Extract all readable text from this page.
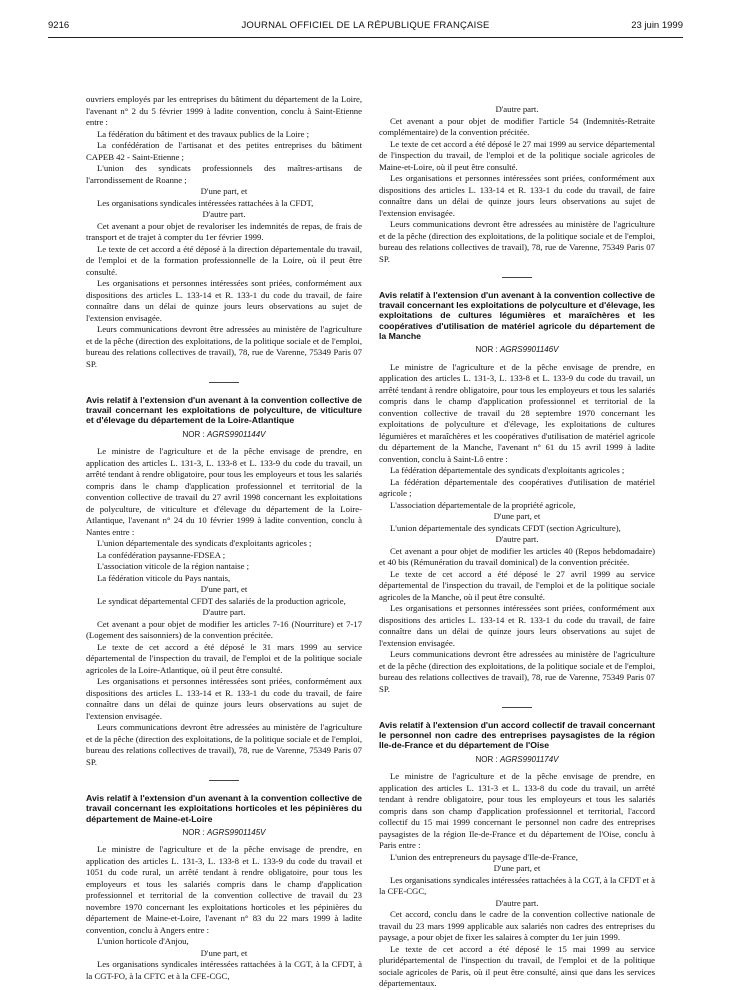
9216	JOURNAL OFFICIEL DE LA RÉPUBLIQUE FRANÇAISE	23 juin 1999

ouvriers employés par les entreprises du bâtiment du département de la Loire, l'avenant n° 2 du 5 février 1999 à ladite convention, conclu à Saint-Etienne entre :

La fédération du bâtiment et des travaux publics de la Loire ;

La confédération de l'artisanat et des petites entreprises du bâtiment CAPEB 42 - Saint-Etienne ;

L'union des syndicats professionnels des maîtres-artisans de l'arrondissement de Roanne ;

D'une part, et

Les organisations syndicales intéressées rattachées à la CFDT,

D'autre part.

Cet avenant a pour objet de revaloriser les indemnités de repas, de frais de transport et de trajet à compter du 1er février 1999.

Le texte de cet accord a été déposé à la direction départementale du travail, de l'emploi et de la formation professionnelle de la Loire, où il peut être consulté.

Les organisations et personnes intéressées sont priées, conformément aux dispositions des articles L. 133-14 et R. 133-1 du code du travail, de faire connaître dans un délai de quinze jours leurs observations au sujet de l'extension envisagée.

Leurs communications devront être adressées au ministère de l'agriculture et de la pêche (direction des exploitations, de la politique sociale et de l'emploi, bureau des relations collectives de travail), 78, rue de Varenne, 75349 Paris 07 SP.

Avis relatif à l'extension d'un avenant à la convention collective de travail concernant les exploitations de polyculture, de viticulture et d'élevage du département de la Loire-Atlantique
NOR : AGRS9901144V

Le ministre de l'agriculture et de la pêche envisage de prendre, en application des articles L. 131-3, L. 133-8 et L. 133-9 du code du travail, un arrêté tendant à rendre obligatoire, pour tous les employeurs et tous les salariés compris dans le champ d'application professionnel et territorial de la convention collective de travail du 27 avril 1998 concernant les exploitations de polyculture, de viticulture et d'élevage du département de la Loire-Atlantique, l'avenant n° 24 du 10 février 1999 à ladite convention, conclu à Nantes entre :

L'union départementale des syndicats d'exploitants agricoles ;

La confédération paysanne-FDSEA ;

L'association viticole de la région nantaise ;

La fédération viticole du Pays nantais,

D'une part, et

Le syndicat départemental CFDT des salariés de la production agricole,

D'autre part.

Cet avenant a pour objet de modifier les articles 7-16 (Nourriture) et 7-17 (Logement des saisonniers) de la convention précitée.

Le texte de cet accord a été déposé le 31 mars 1999 au service départemental de l'inspection du travail, de l'emploi et de la politique sociale agricoles de la Loire-Atlantique, où il peut être consulté.

Les organisations et personnes intéressées sont priées, conformément aux dispositions des articles L. 133-14 et R. 133-1 du code du travail, de faire connaître dans un délai de quinze jours leurs observations au sujet de l'extension envisagée.

Leurs communications devront être adressées au ministère de l'agriculture et de la pêche (direction des exploitations, de la politique sociale et de l'emploi, bureau des relations collectives de travail), 78, rue de Varenne, 75349 Paris 07 SP.

Avis relatif à l'extension d'un avenant à la convention collective de travail concernant les exploitations horticoles et les pépinières du département de Maine-et-Loire
NOR : AGRS9901145V

Le ministre de l'agriculture et de la pêche envisage de prendre, en application des articles L. 131-3, L. 133-8 et L. 133-9 du code du travail et 1051 du code rural, un arrêté tendant à rendre obligatoire, pour tous les employeurs et tous les salariés compris dans le champ d'application professionnel et territorial de la convention collective de travail du 23 novembre 1970 concernant les exploitations horticoles et les pépinières du département de Maine-et-Loire, l'avenant n° 83 du 22 mars 1999 à ladite convention, conclu à Angers entre :

L'union horticole d'Anjou,

D'une part, et

Les organisations syndicales intéressées rattachées à la CGT, à la CFDT, à la CGT-FO, à la CFTC et à la CFE-CGC,

D'autre part.

Cet avenant a pour objet de modifier l'article 54 (Indemnités-Retraite complémentaire) de la convention précitée.

Le texte de cet accord a été déposé le 27 mai 1999 au service départemental de l'inspection du travail, de l'emploi et de la politique sociale agricoles de Maine-et-Loire, où il peut être consulté.

Les organisations et personnes intéressées sont priées, conformément aux dispositions des articles L. 133-14 et R. 133-1 du code du travail, de faire connaître dans un délai de quinze jours leurs observations au sujet de l'extension envisagée.

Leurs communications devront être adressées au ministère de l'agriculture et de la pêche (direction des exploitations, de la politique sociale et de l'emploi, bureau des relations collectives de travail), 78, rue de Varenne, 75349 Paris 07 SP.

Avis relatif à l'extension d'un avenant à la convention collective de travail concernant les exploitations de polyculture et d'élevage, les exploitations de cultures légumières et maraîchères et les coopératives d'utilisation de matériel agricole du département de la Manche
NOR : AGRS9901146V

Le ministre de l'agriculture et de la pêche envisage de prendre, en application des articles L. 131-3, L. 133-8 et L. 133-9 du code du travail, un arrêté tendant à rendre obligatoire, pour tous les employeurs et tous les salariés compris dans le champ d'application professionnel et territorial de la convention collective de travail du 28 septembre 1970 concernant les exploitations de polyculture et d'élevage, les exploitations de cultures légumières et maraîchères et les coopératives d'utilisation de matériel agricole du département de la Manche, l'avenant n° 61 du 15 avril 1999 à ladite convention, conclu à Saint-Lô entre :

La fédération départementale des syndicats d'exploitants agricoles ;

La fédération départementale des coopératives d'utilisation de matériel agricole ;

L'association départementale de la propriété agricole,

D'une part, et

L'union départementale des syndicats CFDT (section Agriculture),

D'autre part.

Cet avenant a pour objet de modifier les articles 40 (Repos hebdomadaire) et 40 bis (Rémunération du travail dominical) de la convention précitée.

Le texte de cet accord a été déposé le 27 avril 1999 au service départemental de l'inspection du travail, de l'emploi et de la politique sociale agricoles de la Manche, où il peut être consulté.

Les organisations et personnes intéressées sont priées, conformément aux dispositions des articles L. 133-14 et R. 133-1 du code du travail, de faire connaître dans un délai de quinze jours leurs observations au sujet de l'extension envisagée.

Leurs communications devront être adressées au ministère de l'agriculture et de la pêche (direction des exploitations, de la politique sociale et de l'emploi, bureau des relations collectives de travail), 78, rue de Varenne, 75349 Paris 07 SP.

Avis relatif à l'extension d'un accord collectif de travail concernant le personnel non cadre des entreprises paysagistes de la région Ile-de-France et du département de l'Oise
NOR : AGRS9901174V

Le ministre de l'agriculture et de la pêche envisage de prendre, en application des articles L. 131-3 et L. 133-8 du code du travail, un arrêté tendant à rendre obligatoire, pour tous les employeurs et tous les salariés compris dans son champ d'application professionnel et territorial, l'accord collectif du 15 mai 1999 concernant le personnel non cadre des entreprises paysagistes de la région Ile-de-France et du département de l'Oise, conclu à Paris entre :

L'union des entrepreneurs du paysage d'Ile-de-France,

D'une part, et

Les organisations syndicales intéressées rattachées à la CGT, à la CFDT et à la CFE-CGC,

D'autre part.

Cet accord, conclu dans le cadre de la convention collective nationale de travail du 23 mars 1999 applicable aux salariés non cadres des entreprises du paysage, a pour objet de fixer les salaires à compter du 1er juin 1999.

Le texte de cet accord a été déposé le 15 mai 1999 au service pluridépartemental de l'inspection du travail, de l'emploi et de la politique sociale agricoles de Paris, où il peut être consulté, ainsi que dans les services départementaux.
